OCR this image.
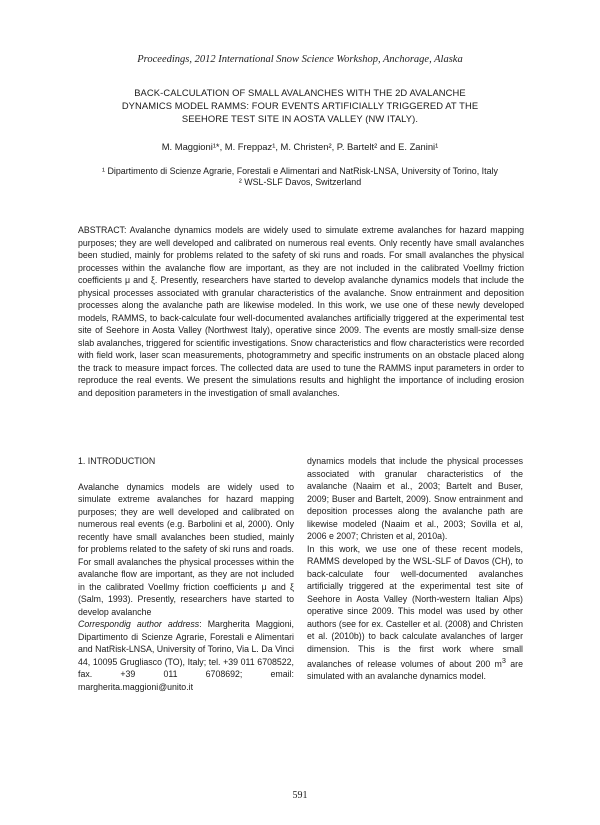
Proceedings, 2012 International Snow Science Workshop, Anchorage, Alaska
BACK-CALCULATION OF SMALL AVALANCHES WITH THE 2D AVALANCHE
DYNAMICS MODEL RAMMS: FOUR EVENTS ARTIFICIALLY TRIGGERED AT THE
SEEHORE TEST SITE IN AOSTA VALLEY (NW ITALY).
M. Maggioni¹*, M. Freppaz¹, M. Christen², P. Bartelt² and E. Zanini¹
¹ Dipartimento di Scienze Agrarie, Forestali e Alimentari and NatRisk-LNSA, University of Torino, Italy
² WSL-SLF Davos, Switzerland
ABSTRACT: Avalanche dynamics models are widely used to simulate extreme avalanches for hazard mapping purposes; they are well developed and calibrated on numerous real events. Only recently have small avalanches been studied, mainly for problems related to the safety of ski runs and roads. For small avalanches the physical processes within the avalanche flow are important, as they are not included in the calibrated Voellmy friction coefficients μ and ξ. Presently, researchers have started to develop avalanche dynamics models that include the physical processes associated with granular characteristics of the avalanche. Snow entrainment and deposition processes along the avalanche path are likewise modeled. In this work, we use one of these newly developed models, RAMMS, to back-calculate four well-documented avalanches artificially triggered at the experimental test site of Seehore in Aosta Valley (Northwest Italy), operative since 2009. The events are mostly small-size dense slab avalanches, triggered for scientific investigations. Snow characteristics and flow characteristics were recorded with field work, laser scan measurements, photogrammetry and specific instruments on an obstacle placed along the track to measure impact forces. The collected data are used to tune the RAMMS input parameters in order to reproduce the real events. We present the simulations results and highlight the importance of including erosion and deposition parameters in the investigation of small avalanches.
1. INTRODUCTION

Avalanche dynamics models are widely used to simulate extreme avalanches for hazard mapping purposes; they are well developed and calibrated on numerous real events (e.g. Barbolini et al, 2000). Only recently have small avalanches been studied, mainly for problems related to the safety of ski runs and roads. For small avalanches the physical processes within the avalanche flow are important, as they are not included in the calibrated Voellmy friction coefficients μ and ξ (Salm, 1993). Presently, researchers have started to develop avalanche

Correspondig author address: Margherita Maggioni, Dipartimento di Scienze Agrarie, Forestali e Alimentari and NatRisk-LNSA, University of Torino, Via L. Da Vinci 44, 10095 Grugliasco (TO), Italy; tel. +39 011 6708522, fax. +39 011 6708692; email: margherita.maggioni@unito.it

dynamics models that include the physical processes associated with granular characteristics of the avalanche (Naaim et al., 2003; Bartelt and Buser, 2009; Buser and Bartelt, 2009). Snow entrainment and deposition processes along the avalanche path are likewise modeled (Naaim et al., 2003; Sovilla et al, 2006 e 2007; Christen et al, 2010a).

In this work, we use one of these recent models, RAMMS developed by the WSL-SLF of Davos (CH), to back-calculate four well-documented avalanches artificially triggered at the experimental test site of Seehore in Aosta Valley (North-western Italian Alps) operative since 2009. This model was used by other authors (see for ex. Casteller et al. (2008) and Christen et al. (2010b)) to back calculate avalanches of larger dimension. This is the first work where small avalanches of release volumes of about 200 $m^3$ are simulated with an avalanche dynamics model.

591
